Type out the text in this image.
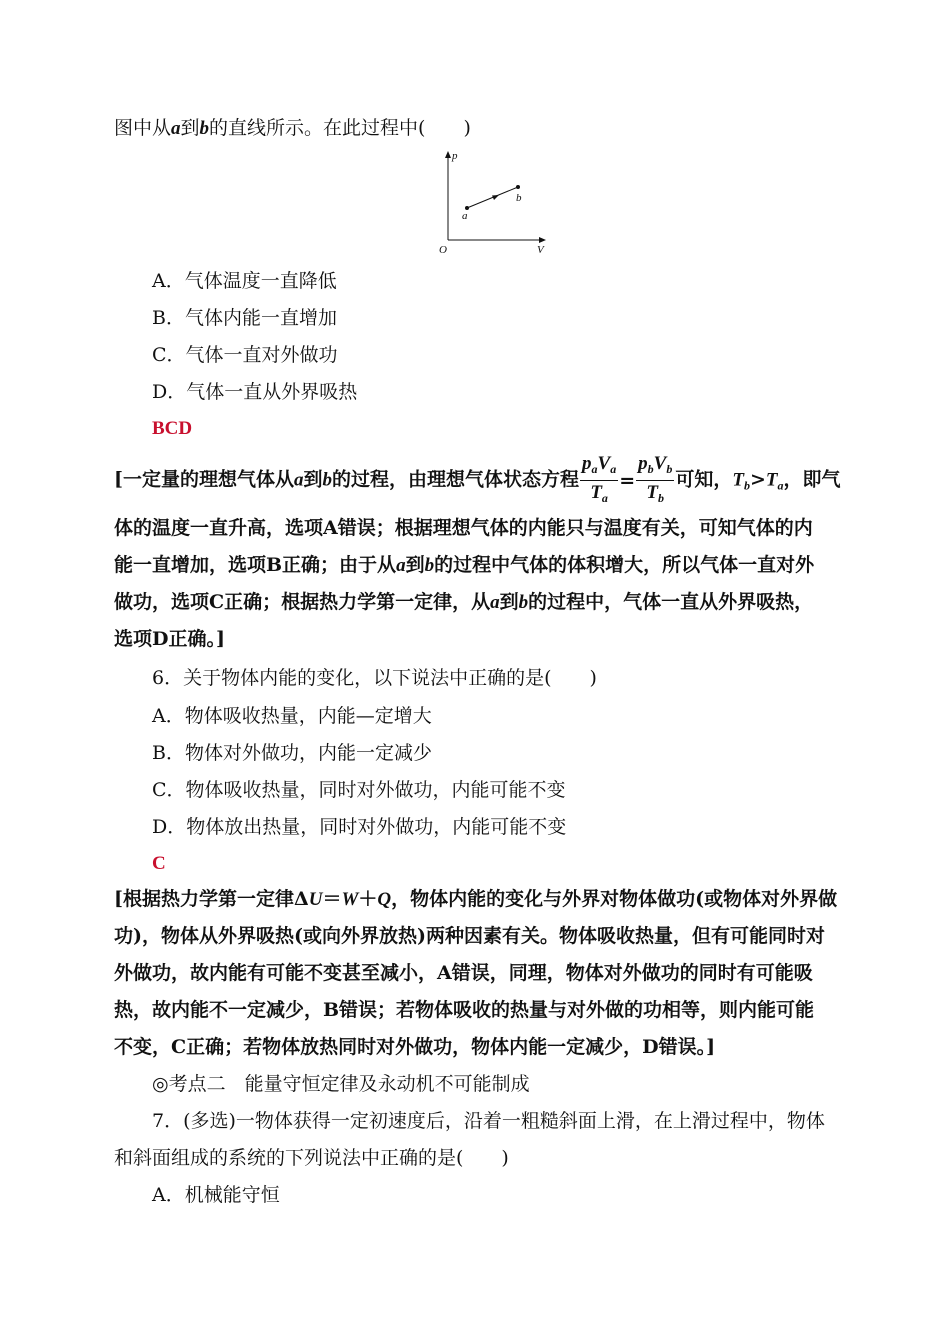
图中从a到b的直线所示。在此过程中(　　)
p
V
O
a
b
A．气体温度一直降低
B．气体内能一直增加
C．气体一直对外做功
D．气体一直从外界吸热
BCD
[一定量的理想气体从a到b的过程，由理想气体状态方程 $\frac{p_aV_a}{T_a} = \frac{p_bV_b}{T_b}$ 可知，$T_b>T_a$，即气
体的温度一直升高，选项A错误；根据理想气体的内能只与温度有关，可知气体的内
能一直增加，选项B正确；由于从a到b的过程中气体的体积增大，所以气体一直对外
做功，选项C正确；根据热力学第一定律，从a到b的过程中，气体一直从外界吸热，
选项D正确。]
6．关于物体内能的变化，以下说法中正确的是(　　)
A．物体吸收热量，内能—定增大
B．物体对外做功，内能一定减少
C．物体吸收热量，同时对外做功，内能可能不变
D．物体放出热量，同时对外做功，内能可能不变
C
[根据热力学第一定律ΔU＝W＋Q，物体内能的变化与外界对物体做功(或物体对外界做
功)，物体从外界吸热(或向外界放热)两种因素有关。物体吸收热量，但有可能同时对
外做功，故内能有可能不变甚至减小，A错误，同理，物体对外做功的同时有可能吸
热，故内能不一定减少，B错误；若物体吸收的热量与对外做的功相等，则内能可能
不变，C正确；若物体放热同时对外做功，物体内能一定减少，D错误。]
◎考点二　能量守恒定律及永动机不可能制成
7．(多选)一物体获得一定初速度后，沿着一粗糙斜面上滑，在上滑过程中，物体
和斜面组成的系统的下列说法中正确的是(　　)
A．机械能守恒
